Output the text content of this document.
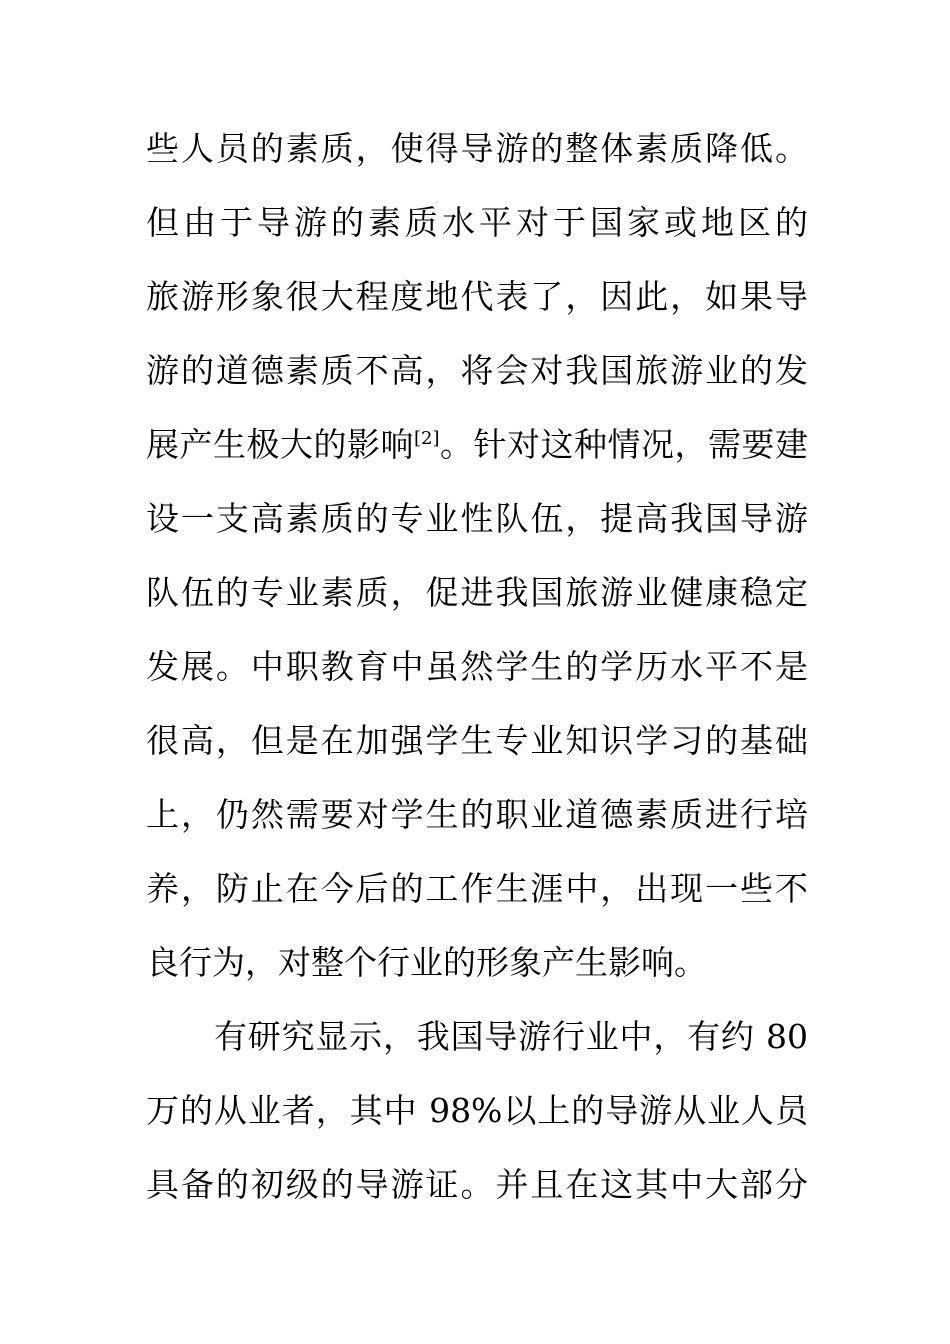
些人员的素质，使得导游的整体素质降低。
但由于导游的素质水平对于国家或地区的
旅游形象很大程度地代表了，因此，如果导
游的道德素质不高，将会对我国旅游业的发
展产生极大的影响[2]。针对这种情况，需要建
设一支高素质的专业性队伍，提高我国导游
队伍的专业素质，促进我国旅游业健康稳定
发展。中职教育中虽然学生的学历水平不是
很高，但是在加强学生专业知识学习的基础
上，仍然需要对学生的职业道德素质进行培
养，防止在今后的工作生涯中，出现一些不
良行为，对整个行业的形象产生影响。
有研究显示，我国导游行业中，有约 80
万的从业者，其中 98%以上的导游从业人员
具备的初级的导游证。并且在这其中大部分
